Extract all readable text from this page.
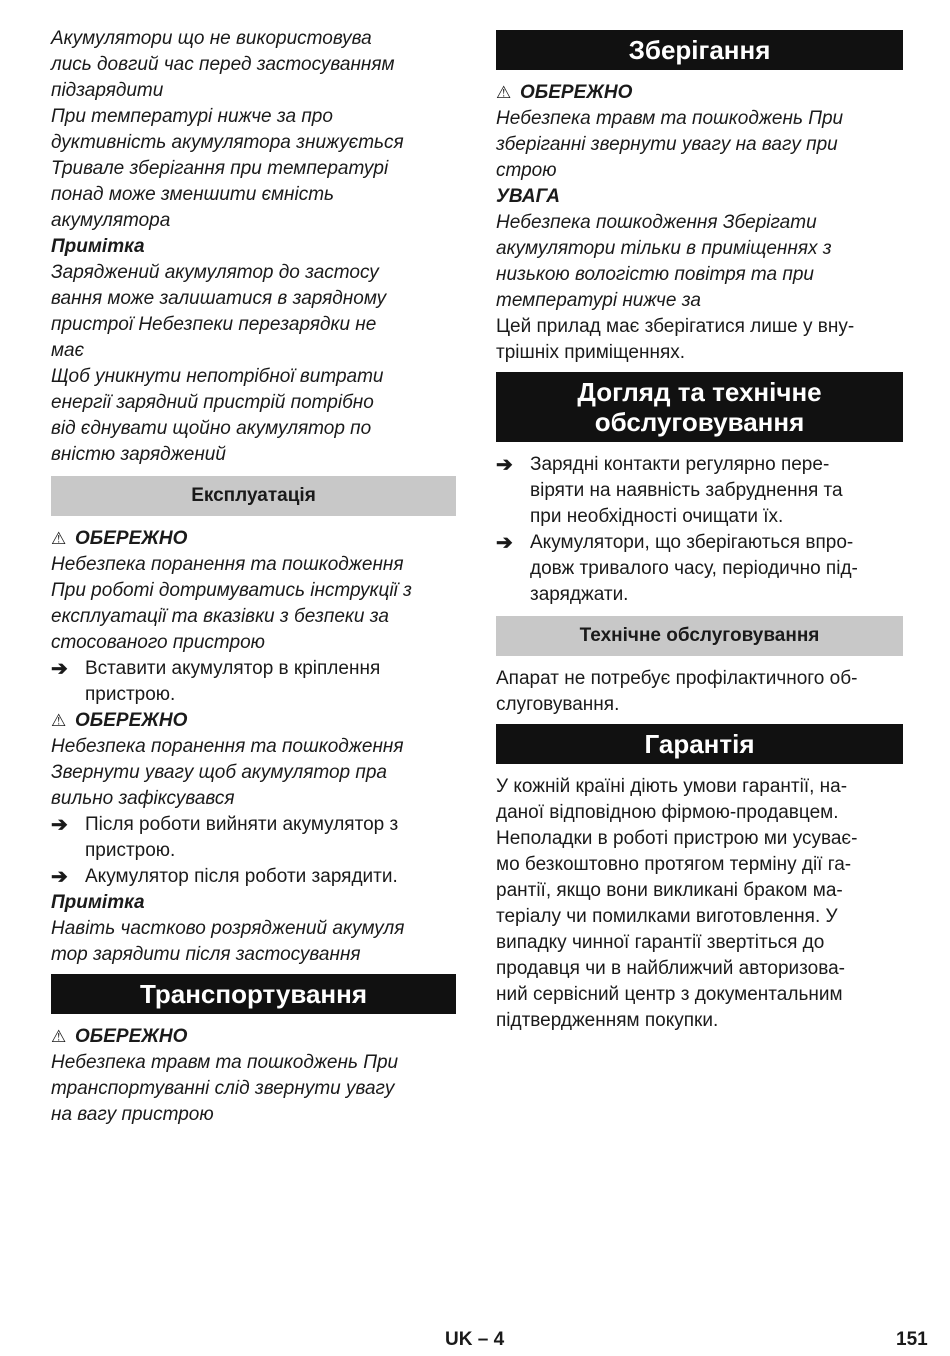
Акумулятори що не використовува
лись довгий час перед застосуванням
підзарядити
При температурі нижче за про
дуктивність акумулятора знижується
Тривале зберігання при температурі
понад може зменшити ємність
акумулятора
Примітка
Заряджений акумулятор до застосу
вання може залишатися в зарядному
пристрої Небезпеки перезарядки не
має
Щоб уникнути непотрібної витрати
енергії зарядний пристрій потрібно
від єднувати щойно акумулятор по
вністю заряджений
Експлуатація
⚠ ОБЕРЕЖНО
Небезпека поранення та пошкодження
При роботі дотримуватись інструкції з
експлуатації та вказівки з безпеки за
стосованого пристрою
➔ Вставити акумулятор в кріплення
пристрою.
⚠ ОБЕРЕЖНО
Небезпека поранення та пошкодження
Звернути увагу щоб акумулятор пра
вильно зафіксувався
➔ Після роботи вийняти акумулятор з
пристрою.
➔ Акумулятор після роботи зарядити.
Примітка
Навіть частково розряджений акумуля
тор зарядити після застосування
Транспортування
⚠ ОБЕРЕЖНО
Небезпека травм та пошкоджень При
транспортуванні слід звернути увагу
на вагу пристрою
Зберігання
⚠ ОБЕРЕЖНО
Небезпека травм та пошкоджень При
зберіганні звернути увагу на вагу при
строю
УВАГА
Небезпека пошкодження Зберігати
акумулятори тільки в приміщеннях з
низькою вологістю повітря та при
температурі нижче за
Цей прилад має зберігатися лише у вну-
трішніх приміщеннях.
Догляд та технічне
обслуговування
➔ Зарядні контакти регулярно пере-
віряти на наявність забруднення та
при необхідності очищати їх.
➔ Акумулятори, що зберігаються впро-
довж тривалого часу, періодично під-
заряджати.
Технічне обслуговування
Апарат не потребує профілактичного об-
слуговування.
Гарантія
У кожній країні діють умови гарантії, на-
даної відповідною фірмою-продавцем.
Неполадки в роботі пристрою ми усуває-
мо безкоштовно протягом терміну дії га-
рантії, якщо вони викликані браком ма-
теріалу чи помилками виготовлення. У
випадку чинної гарантії звертіться до
продавця чи в найближчий авторизова-
ний сервісний центр з документальним
підтвердженням покупки.
UK – 4	151
